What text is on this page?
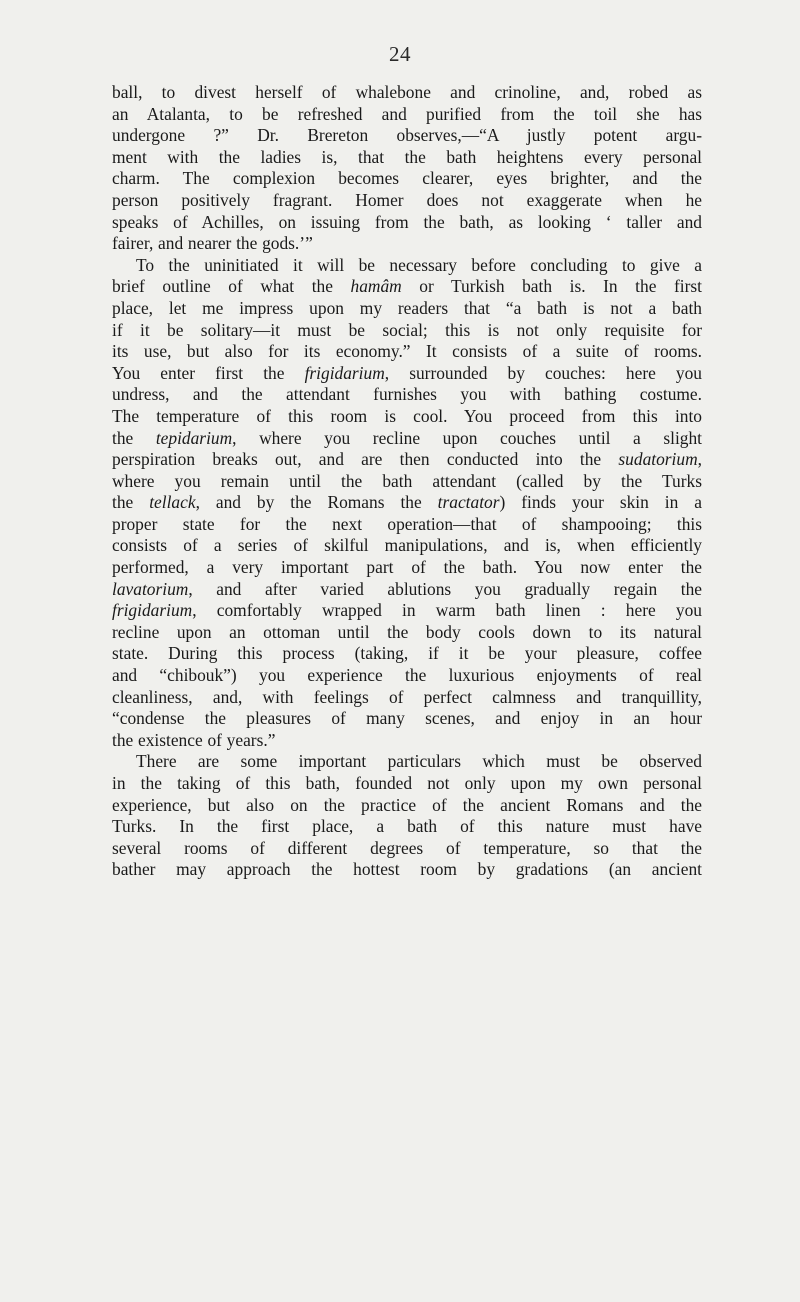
24
ball, to divest herself of whalebone and crinoline, and, robed as
an Atalanta, to be refreshed and purified from the toil she has
undergone ?” Dr. Brereton observes,—“A justly potent argu-
ment with the ladies is, that the bath heightens every personal
charm. The complexion becomes clearer, eyes brighter, and the
person positively fragrant. Homer does not exaggerate when he
speaks of Achilles, on issuing from the bath, as looking ‘ taller and
fairer, and nearer the gods.’”
To the uninitiated it will be necessary before concluding to give a
brief outline of what the hamâm or Turkish bath is. In the first
place, let me impress upon my readers that “a bath is not a bath
if it be solitary—it must be social; this is not only requisite for
its use, but also for its economy.” It consists of a suite of rooms.
You enter first the frigidarium, surrounded by couches: here you
undress, and the attendant furnishes you with bathing costume.
The temperature of this room is cool. You proceed from this into
the tepidarium, where you recline upon couches until a slight
perspiration breaks out, and are then conducted into the sudatorium,
where you remain until the bath attendant (called by the Turks
the tellack, and by the Romans the tractator) finds your skin in a
proper state for the next operation—that of shampooing; this
consists of a series of skilful manipulations, and is, when efficiently
performed, a very important part of the bath. You now enter the
lavatorium, and after varied ablutions you gradually regain the
frigidarium, comfortably wrapped in warm bath linen : here you
recline upon an ottoman until the body cools down to its natural
state. During this process (taking, if it be your pleasure, coffee
and “chibouk”) you experience the luxurious enjoyments of real
cleanliness, and, with feelings of perfect calmness and tranquillity,
“condense the pleasures of many scenes, and enjoy in an hour
the existence of years.”
There are some important particulars which must be observed
in the taking of this bath, founded not only upon my own personal
experience, but also on the practice of the ancient Romans and the
Turks. In the first place, a bath of this nature must have
several rooms of different degrees of temperature, so that the
bather may approach the hottest room by gradations (an ancient
